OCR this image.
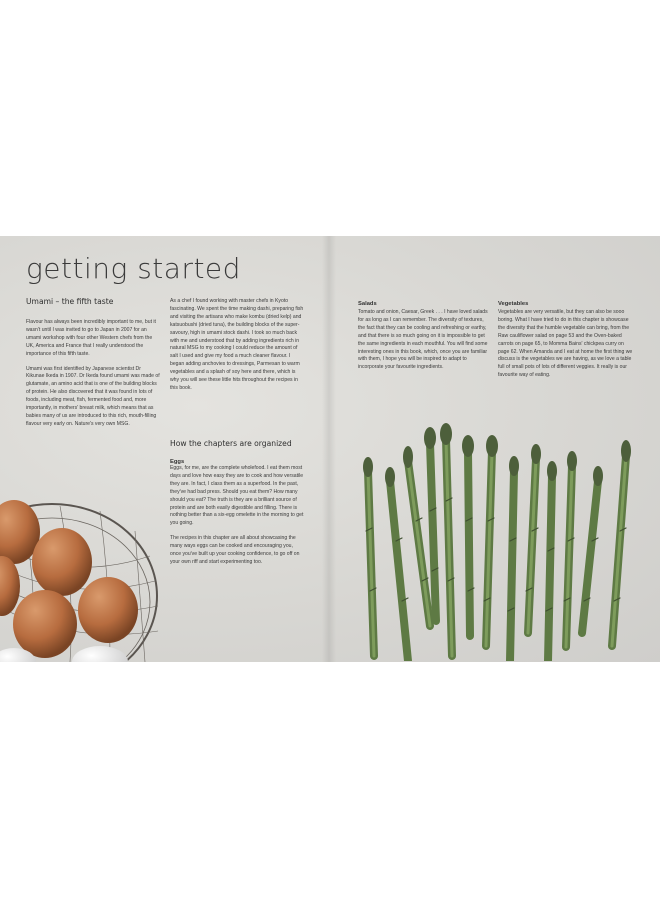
getting started
Umami – the fifth taste

Flavour has always been incredibly important to me, but it wasn't until I was invited to go to Japan in 2007 for an umami workshop with four other Western chefs from the UK, America and France that I really understood the importance of this fifth taste.

Umami was first identified by Japanese scientist Dr Kikunae Ikeda in 1907. Dr Ikeda found umami was made of glutamate, an amino acid that is one of the building blocks of protein. He also discovered that it was found in lots of foods, including meat, fish, fermented food and, more importantly, in mothers' breast milk, which means that as babies many of us are introduced to this rich, mouth-filling flavour very early on. Nature's very own MSG.

As a chef I found working with master chefs in Kyoto fascinating. We spent the time making dashi, preparing fish and visiting the artisans who make kombu (dried kelp) and katsuobushi (dried tuna), the building blocks of the super-savoury, high in umami stock dashi. I took so much back with me and understood that by adding ingredients rich in natural MSG to my cooking I could reduce the amount of salt I used and give my food a much cleaner flavour. I began adding anchovies to dressings, Parmesan to warm vegetables and a splash of soy here and there, which is why you will see these little hits throughout the recipes in this book.

How the chapters are organized
Eggs

Eggs, for me, are the complete wholefood. I eat them most days and love how easy they are to cook and how versatile they are. In fact, I class them as a superfood. In the past, they've had bad press. Should you eat them? How many should you eat? The truth is they are a brilliant source of protein and are both easily digestible and filling. There is nothing better than a six-egg omelette in the morning to get you going.

The recipes in this chapter are all about showcasing the many ways eggs can be cooked and encouraging you, once you've built up your cooking confidence, to go off on your own riff and start experimenting too.

Salads

Tomato and onion, Caesar, Greek . . . I have loved salads for as long as I can remember. The diversity of textures, the fact that they can be cooling and refreshing or earthy, and that there is so much going on it is impossible to get the same ingredients in each mouthful. You will find some interesting ones in this book, which, once you are familiar with them, I hope you will be inspired to adapt to incorporate your favourite ingredients.

Vegetables

Vegetables are very versatile, but they can also be sooo boring. What I have tried to do in this chapter is showcase the diversity that the humble vegetable can bring, from the Raw cauliflower salad on page 53 and the Oven-baked carrots on page 65, to Momma Bains' chickpea curry on page 62. When Amanda and I eat at home the first thing we discuss is the vegetables we are having, as we love a table full of small pots of lots of different veggies. It really is our favourite way of eating.
